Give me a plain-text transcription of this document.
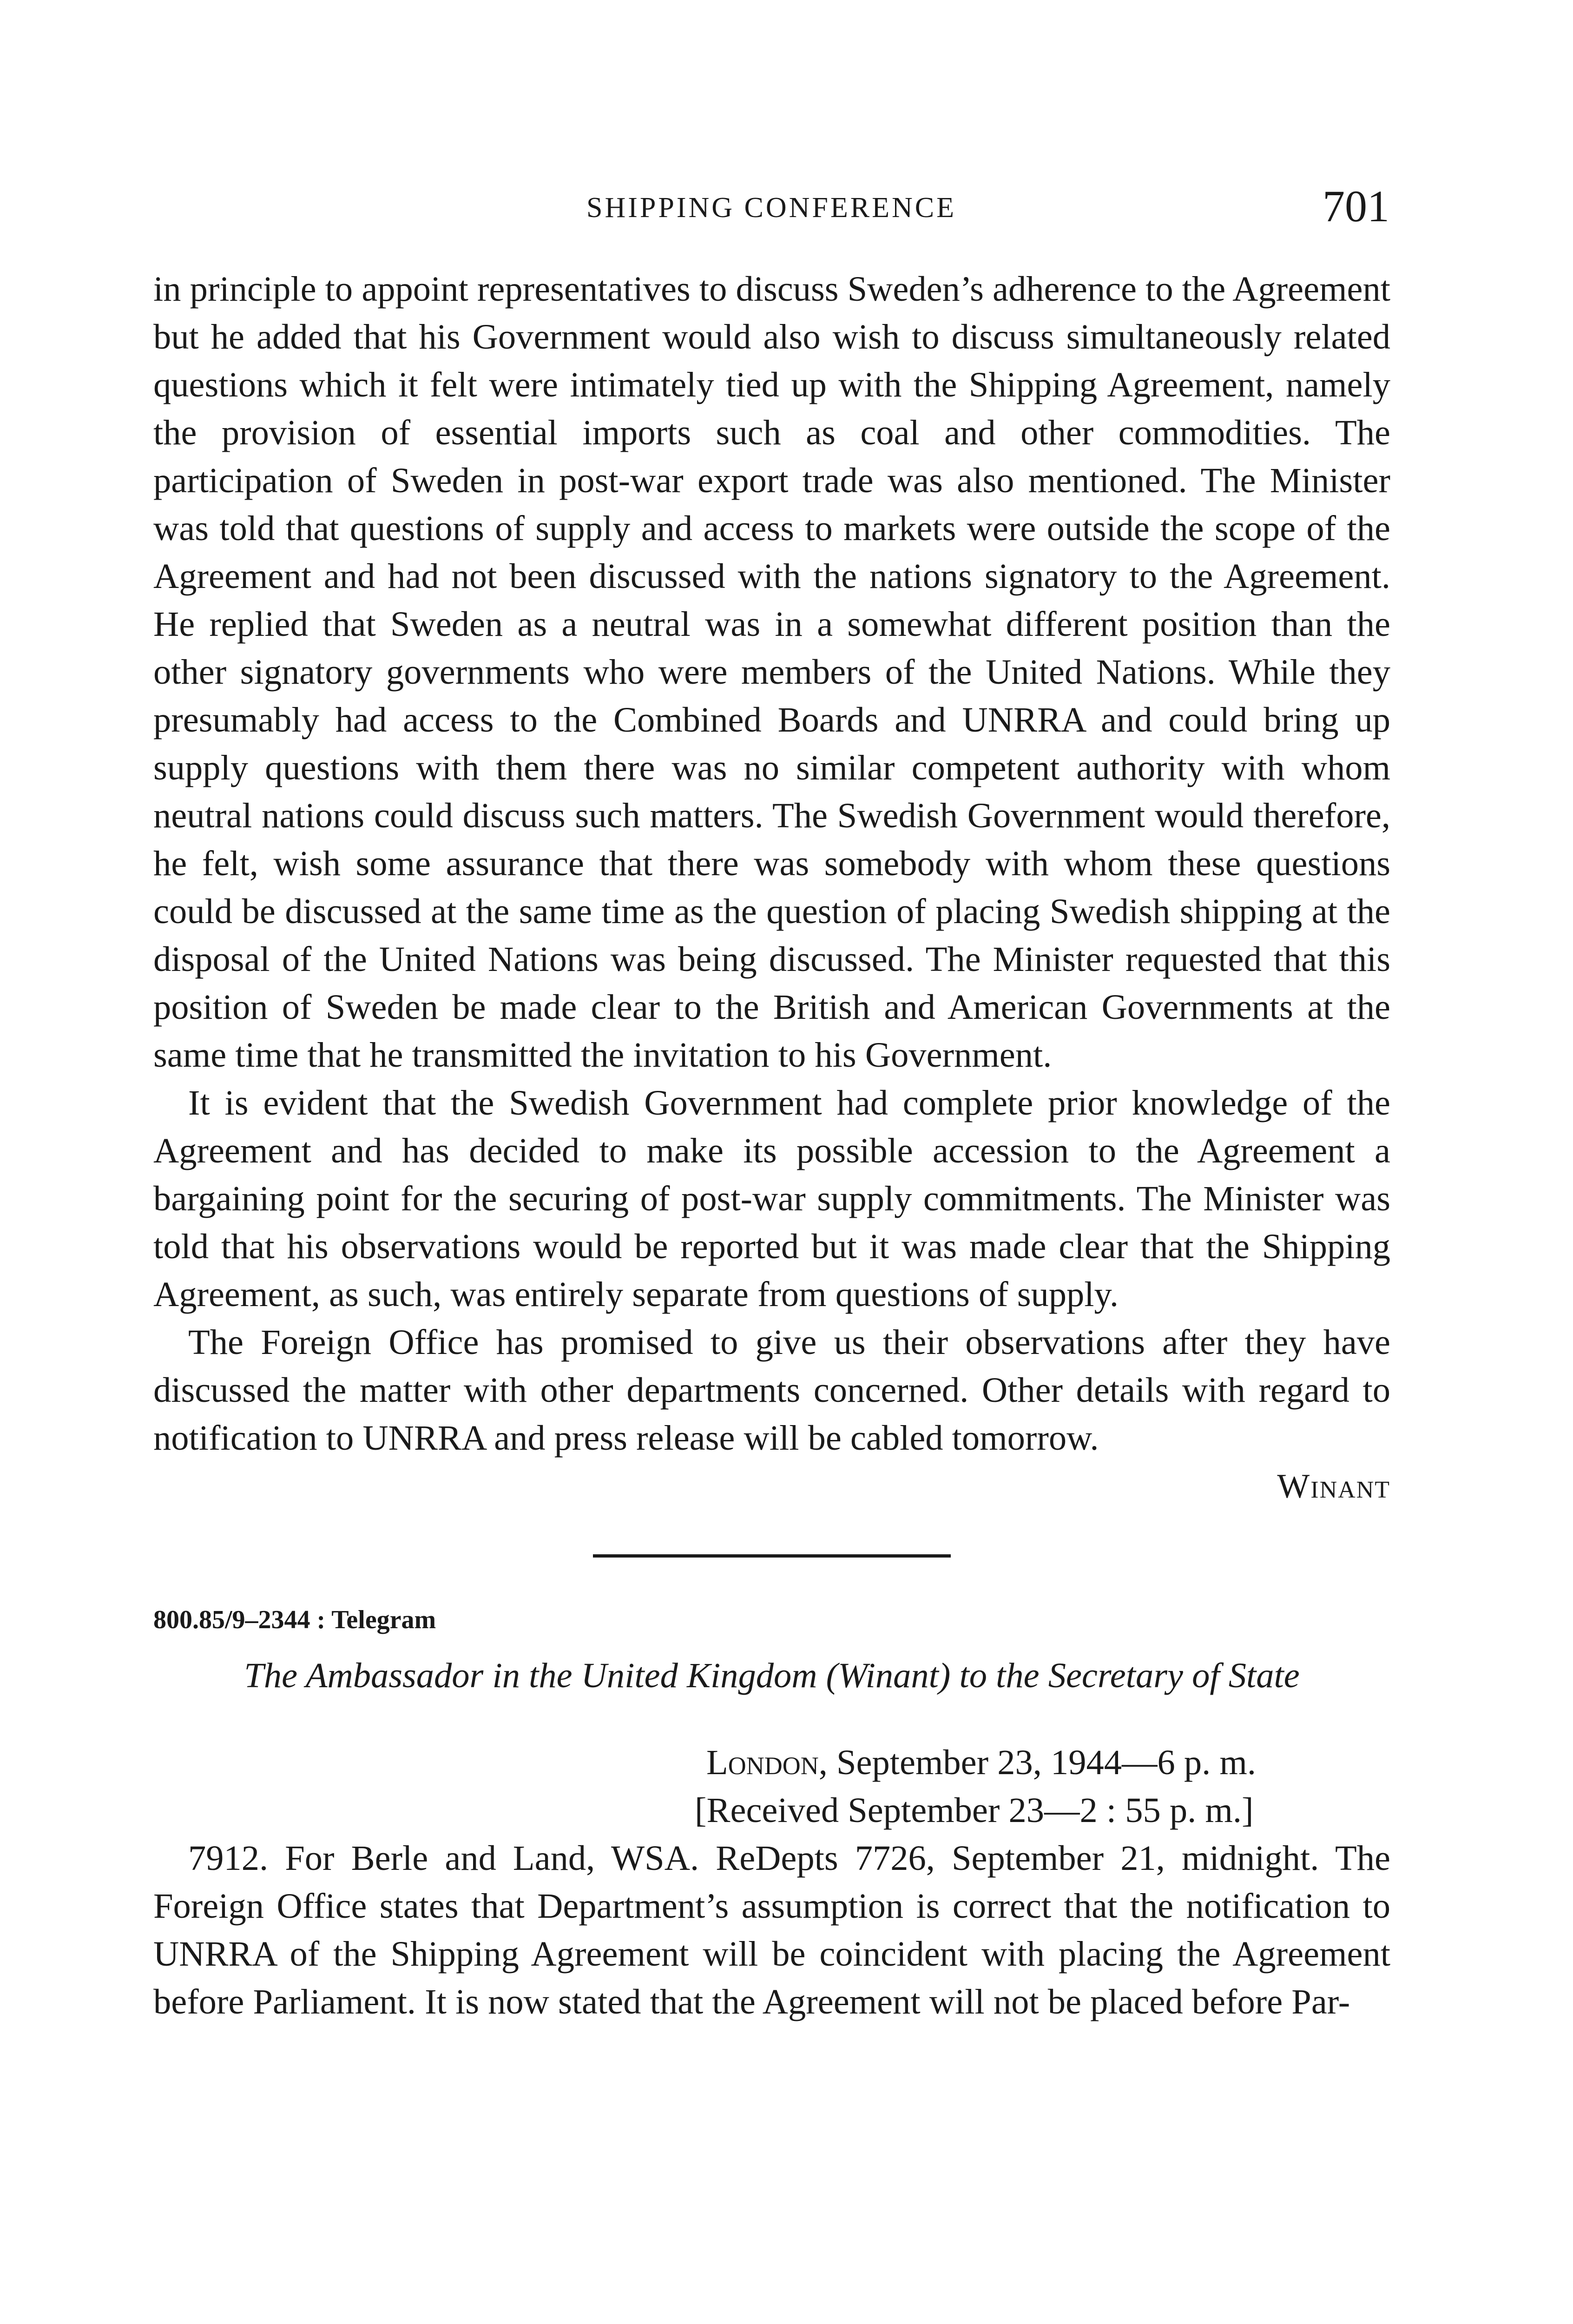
SHIPPING CONFERENCE	701

in principle to appoint representatives to discuss Sweden’s adherence to the Agreement but he added that his Government would also wish to discuss simultaneously related questions which it felt were intimately tied up with the Shipping Agreement, namely the provision of essential imports such as coal and other commodities. The participation of Sweden in post-war export trade was also mentioned. The Minister was told that questions of supply and access to markets were outside the scope of the Agreement and had not been discussed with the nations signatory to the Agreement. He replied that Sweden as a neutral was in a somewhat different position than the other signatory governments who were members of the United Nations. While they presumably had access to the Combined Boards and UNRRA and could bring up supply questions with them there was no similar competent authority with whom neutral nations could discuss such matters. The Swedish Government would therefore, he felt, wish some assurance that there was somebody with whom these questions could be discussed at the same time as the question of placing Swedish shipping at the disposal of the United Nations was being discussed. The Minister requested that this position of Sweden be made clear to the British and American Governments at the same time that he transmitted the invitation to his Government.

It is evident that the Swedish Government had complete prior knowledge of the Agreement and has decided to make its possible accession to the Agreement a bargaining point for the securing of post-war supply commitments. The Minister was told that his observations would be reported but it was made clear that the Shipping Agreement, as such, was entirely separate from questions of supply.

The Foreign Office has promised to give us their observations after they have discussed the matter with other departments concerned. Other details with regard to notification to UNRRA and press release will be cabled tomorrow.

Winant

800.85/9–2344 : Telegram

The Ambassador in the United Kingdom (Winant) to the Secretary of State

London, September 23, 1944—6 p. m.

[Received September 23—2 : 55 p. m.]

7912. For Berle and Land, WSA. ReDepts 7726, September 21, midnight. The Foreign Office states that Department’s assumption is correct that the notification to UNRRA of the Shipping Agreement will be coincident with placing the Agreement before Parliament. It is now stated that the Agreement will not be placed before Par-
